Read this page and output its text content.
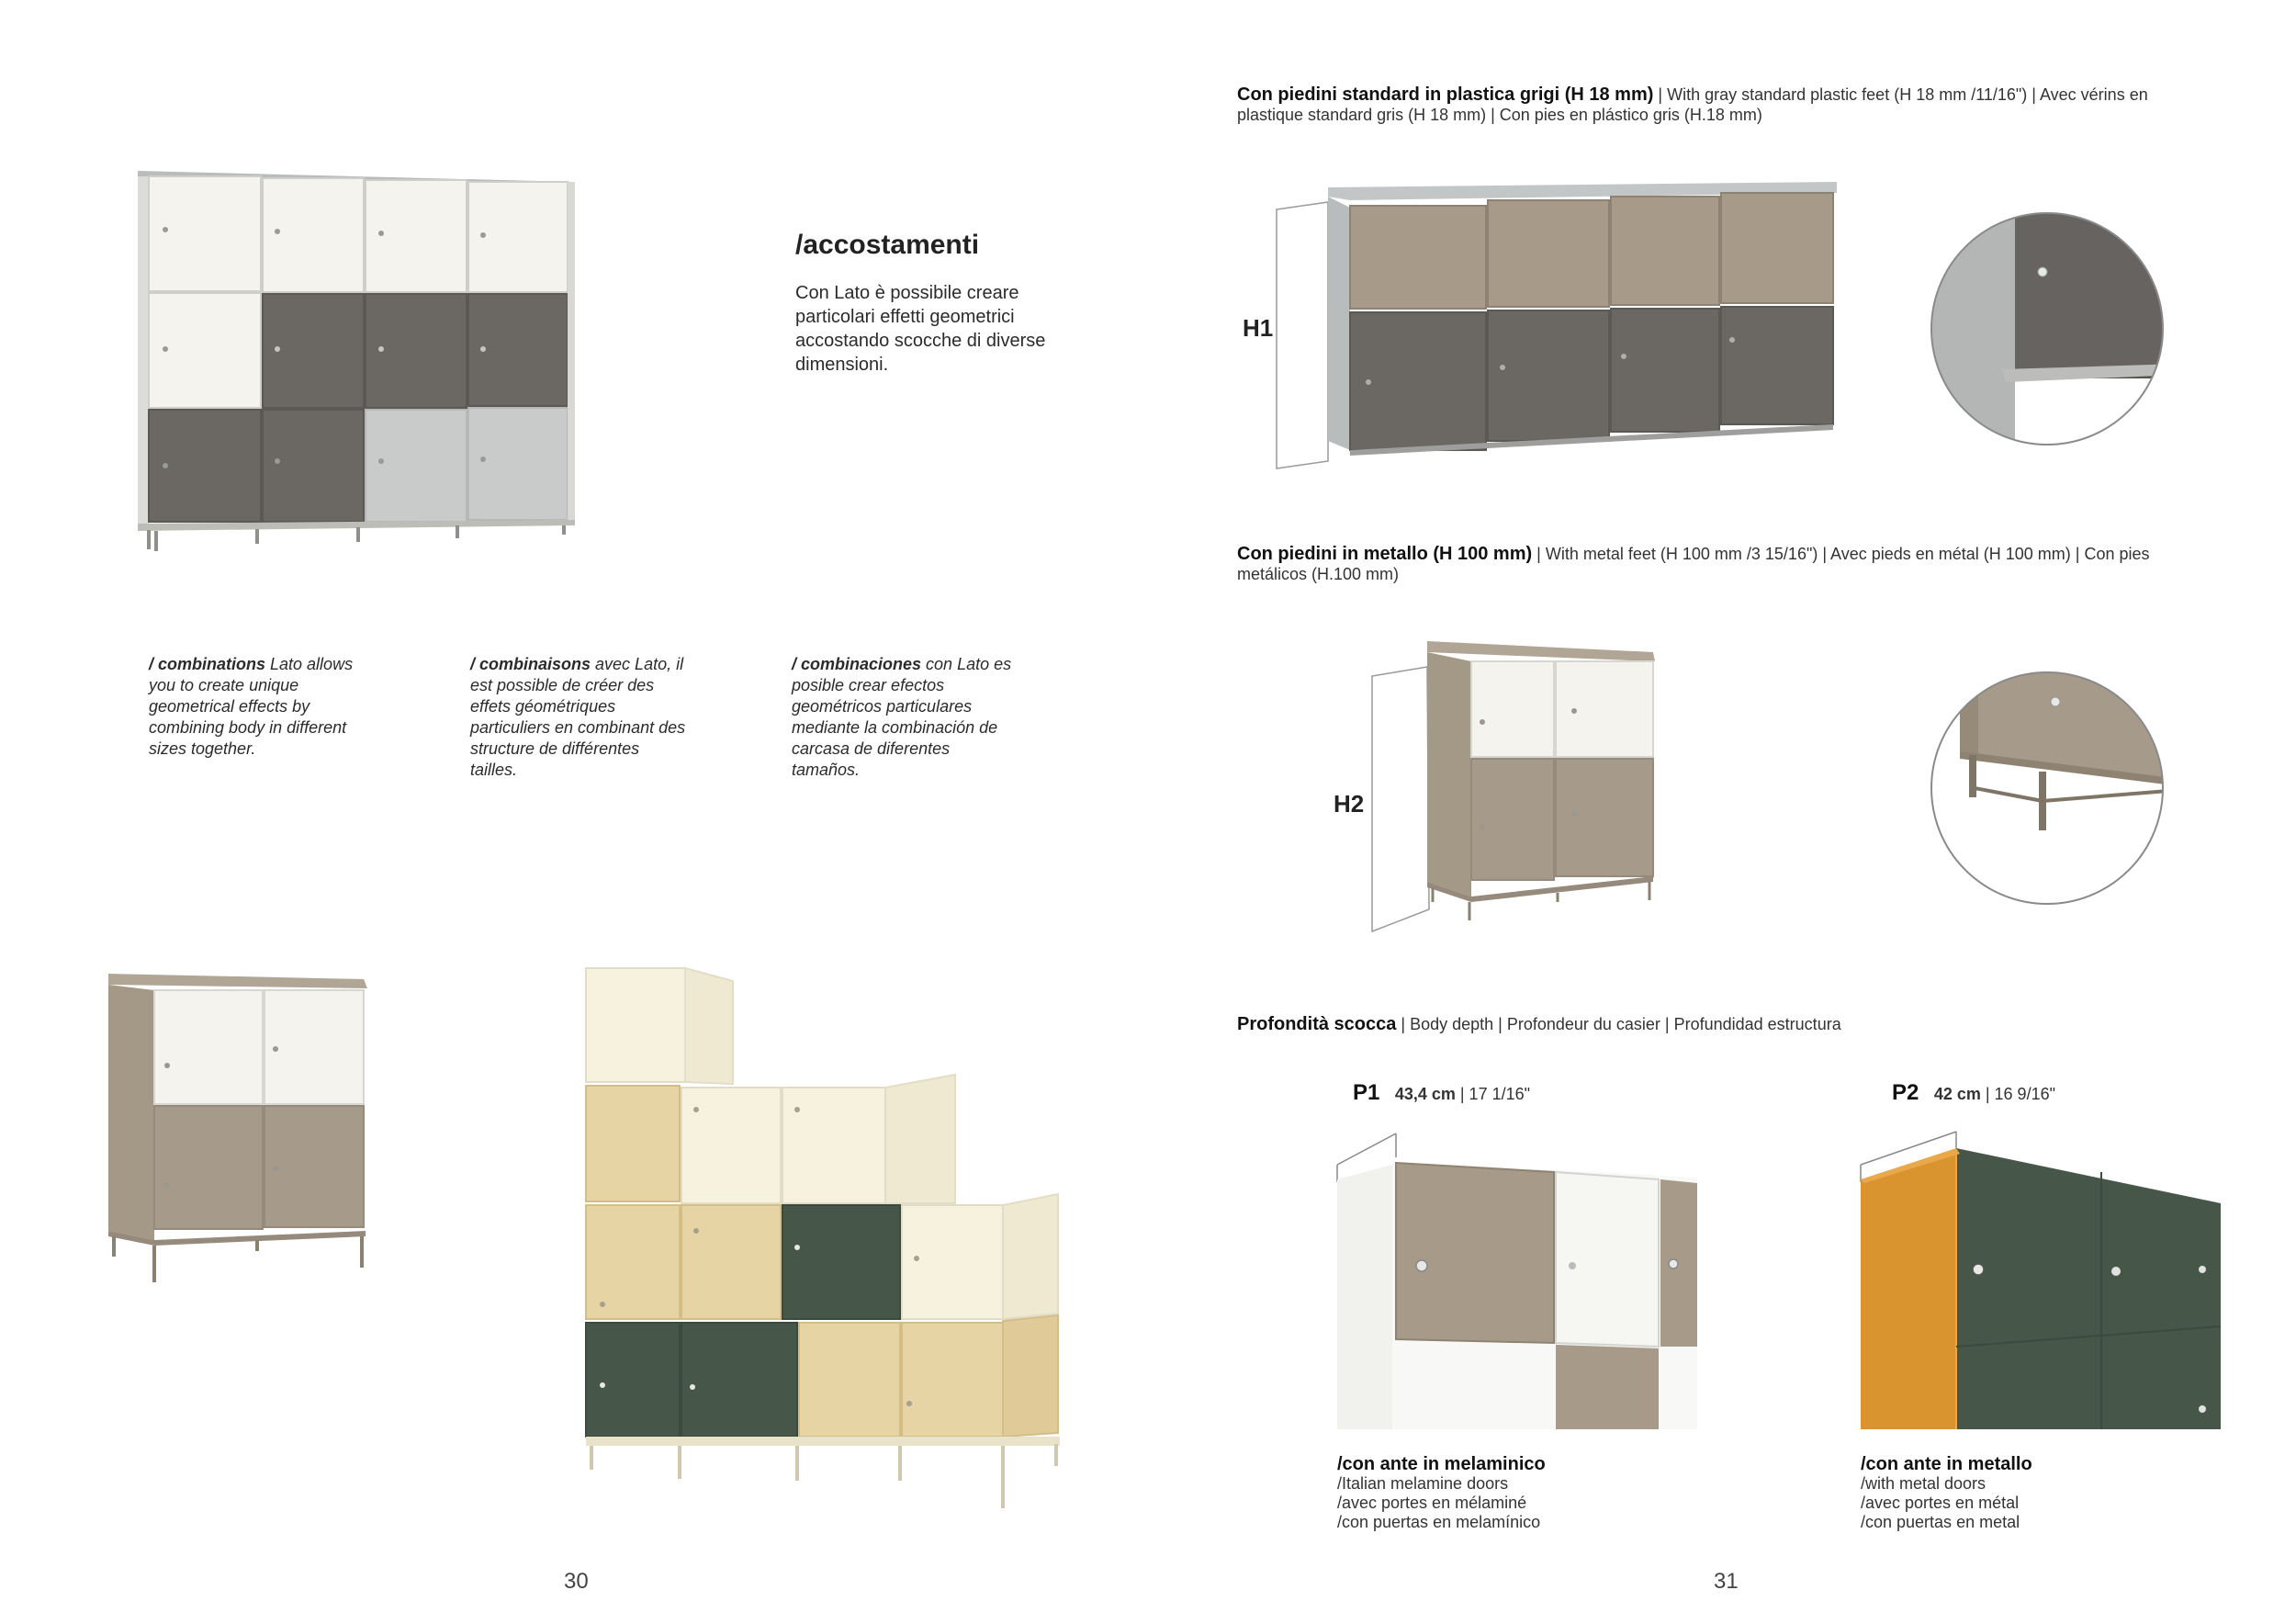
/accostamenti
Con Lato è possibile creare particolari effetti geometrici accostando scocche di diverse dimensioni.
/ combinations Lato allows you to create unique geometrical effects by combining body in different sizes together.
/ combinaisons avec Lato, il est possible de créer des effets géométriques particuliers en combinant des structure de différentes tailles.
/ combinaciones con Lato es posible crear efectos geométricos particulares mediante la combinación de carcasa de diferentes tamaños.
30
Con piedini standard in plastica grigi (H 18 mm) | With gray standard plastic feet (H 18 mm /11/16") | Avec vérins en plastique standard gris (H 18 mm) | Con pies en plástico gris (H.18 mm)
H1
Con piedini in metallo (H 100 mm) | With metal feet (H 100 mm /3 15/16") | Avec pieds en métal (H 100 mm) | Con pies metálicos (H.100 mm)
H2
Profondità scocca | Body depth | Profondeur du casier | Profundidad estructura
P1 43,4 cm | 17 1/16"
/con ante in melaminico
/Italian melamine doors
/avec portes en mélaminé
/con puertas en melamínico
P2 42 cm | 16 9/16"
/con ante in metallo
/with metal doors
/avec portes en métal
/con puertas en metal
31
